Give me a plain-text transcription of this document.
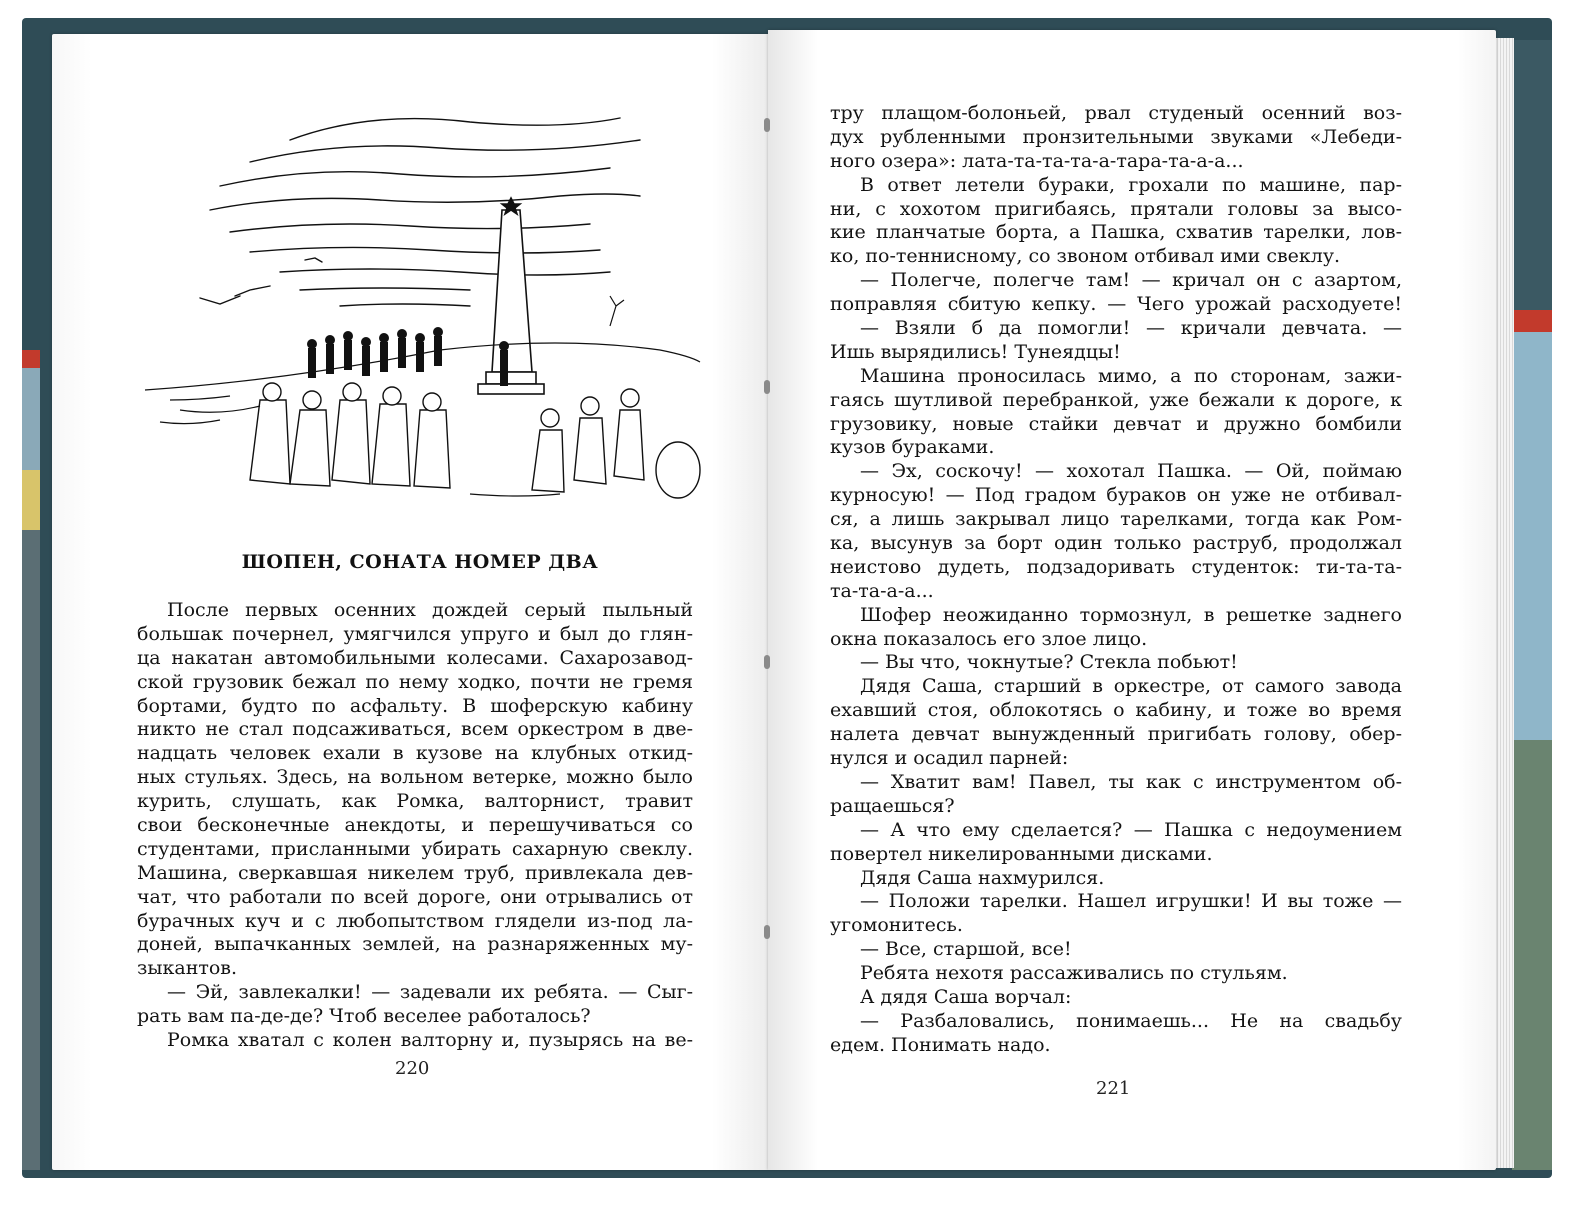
ШОПЕН, СОНАТА НОМЕР ДВА
После первых осенних дождей серый пыльный
большак почернел, умягчился упруго и был до глян-
ца накатан автомобильными колесами. Сахарозавод-
ской грузовик бежал по нему ходко, почти не гремя
бортами, будто по асфальту. В шоферскую кабину
никто не стал подсаживаться, всем оркестром в две-
надцать человек ехали в кузове на клубных откид-
ных стульях. Здесь, на вольном ветерке, можно было
курить, слушать, как Ромка, валторнист, травит
свои бесконечные анекдоты, и перешучиваться со
студентами, присланными убирать сахарную свеклу.
Машина, сверкавшая никелем труб, привлекала дев-
чат, что работали по всей дороге, они отрывались от
бурачных куч и с любопытством глядели из-под ла-
доней, выпачканных землей, на разнаряженных му-
зыкантов.
— Эй, завлекалки! — задевали их ребята. — Сыг-
рать вам па-де-де? Чтоб веселее работалось?
Ромка хватал с колен валторну и, пузырясь на ве-
220
тру плащом-болоньей, рвал студеный осенний воз-
дух рубленными пронзительными звуками «Лебеди-
ного озера»: лата-та-та-та-а-тара-та-а-а...
В ответ летели бураки, грохали по машине, пар-
ни, с хохотом пригибаясь, прятали головы за высо-
кие планчатые борта, а Пашка, схватив тарелки, лов-
ко, по-теннисному, со звоном отбивал ими свеклу.
— Полегче, полегче там! — кричал он с азартом,
поправляя сбитую кепку. — Чего урожай расходуете!
— Взяли б да помогли! — кричали девчата. —
Ишь вырядились! Тунеядцы!
Машина проносилась мимо, а по сторонам, зажи-
гаясь шутливой перебранкой, уже бежали к дороге, к
грузовику, новые стайки девчат и дружно бомбили
кузов бураками.
— Эх, соскочу! — хохотал Пашка. — Ой, поймаю
курносую! — Под градом бураков он уже не отбивал-
ся, а лишь закрывал лицо тарелками, тогда как Ром-
ка, высунув за борт один только раструб, продолжал
неистово дудеть, подзадоривать студенток: ти-та-та-
та-та-а-а...
Шофер неожиданно тормознул, в решетке заднего
окна показалось его злое лицо.
— Вы что, чокнутые? Стекла побьют!
Дядя Саша, старший в оркестре, от самого завода
ехавший стоя, облокотясь о кабину, и тоже во время
налета девчат вынужденный пригибать голову, обер-
нулся и осадил парней:
— Хватит вам! Павел, ты как с инструментом об-
ращаешься?
— А что ему сделается? — Пашка с недоумением
повертел никелированными дисками.
Дядя Саша нахмурился.
— Положи тарелки. Нашел игрушки! И вы тоже —
угомонитесь.
— Все, старшой, все!
Ребята нехотя рассаживались по стульям.
А дядя Саша ворчал:
— Разбаловались, понимаешь... Не на свадьбу
едем. Понимать надо.
221
